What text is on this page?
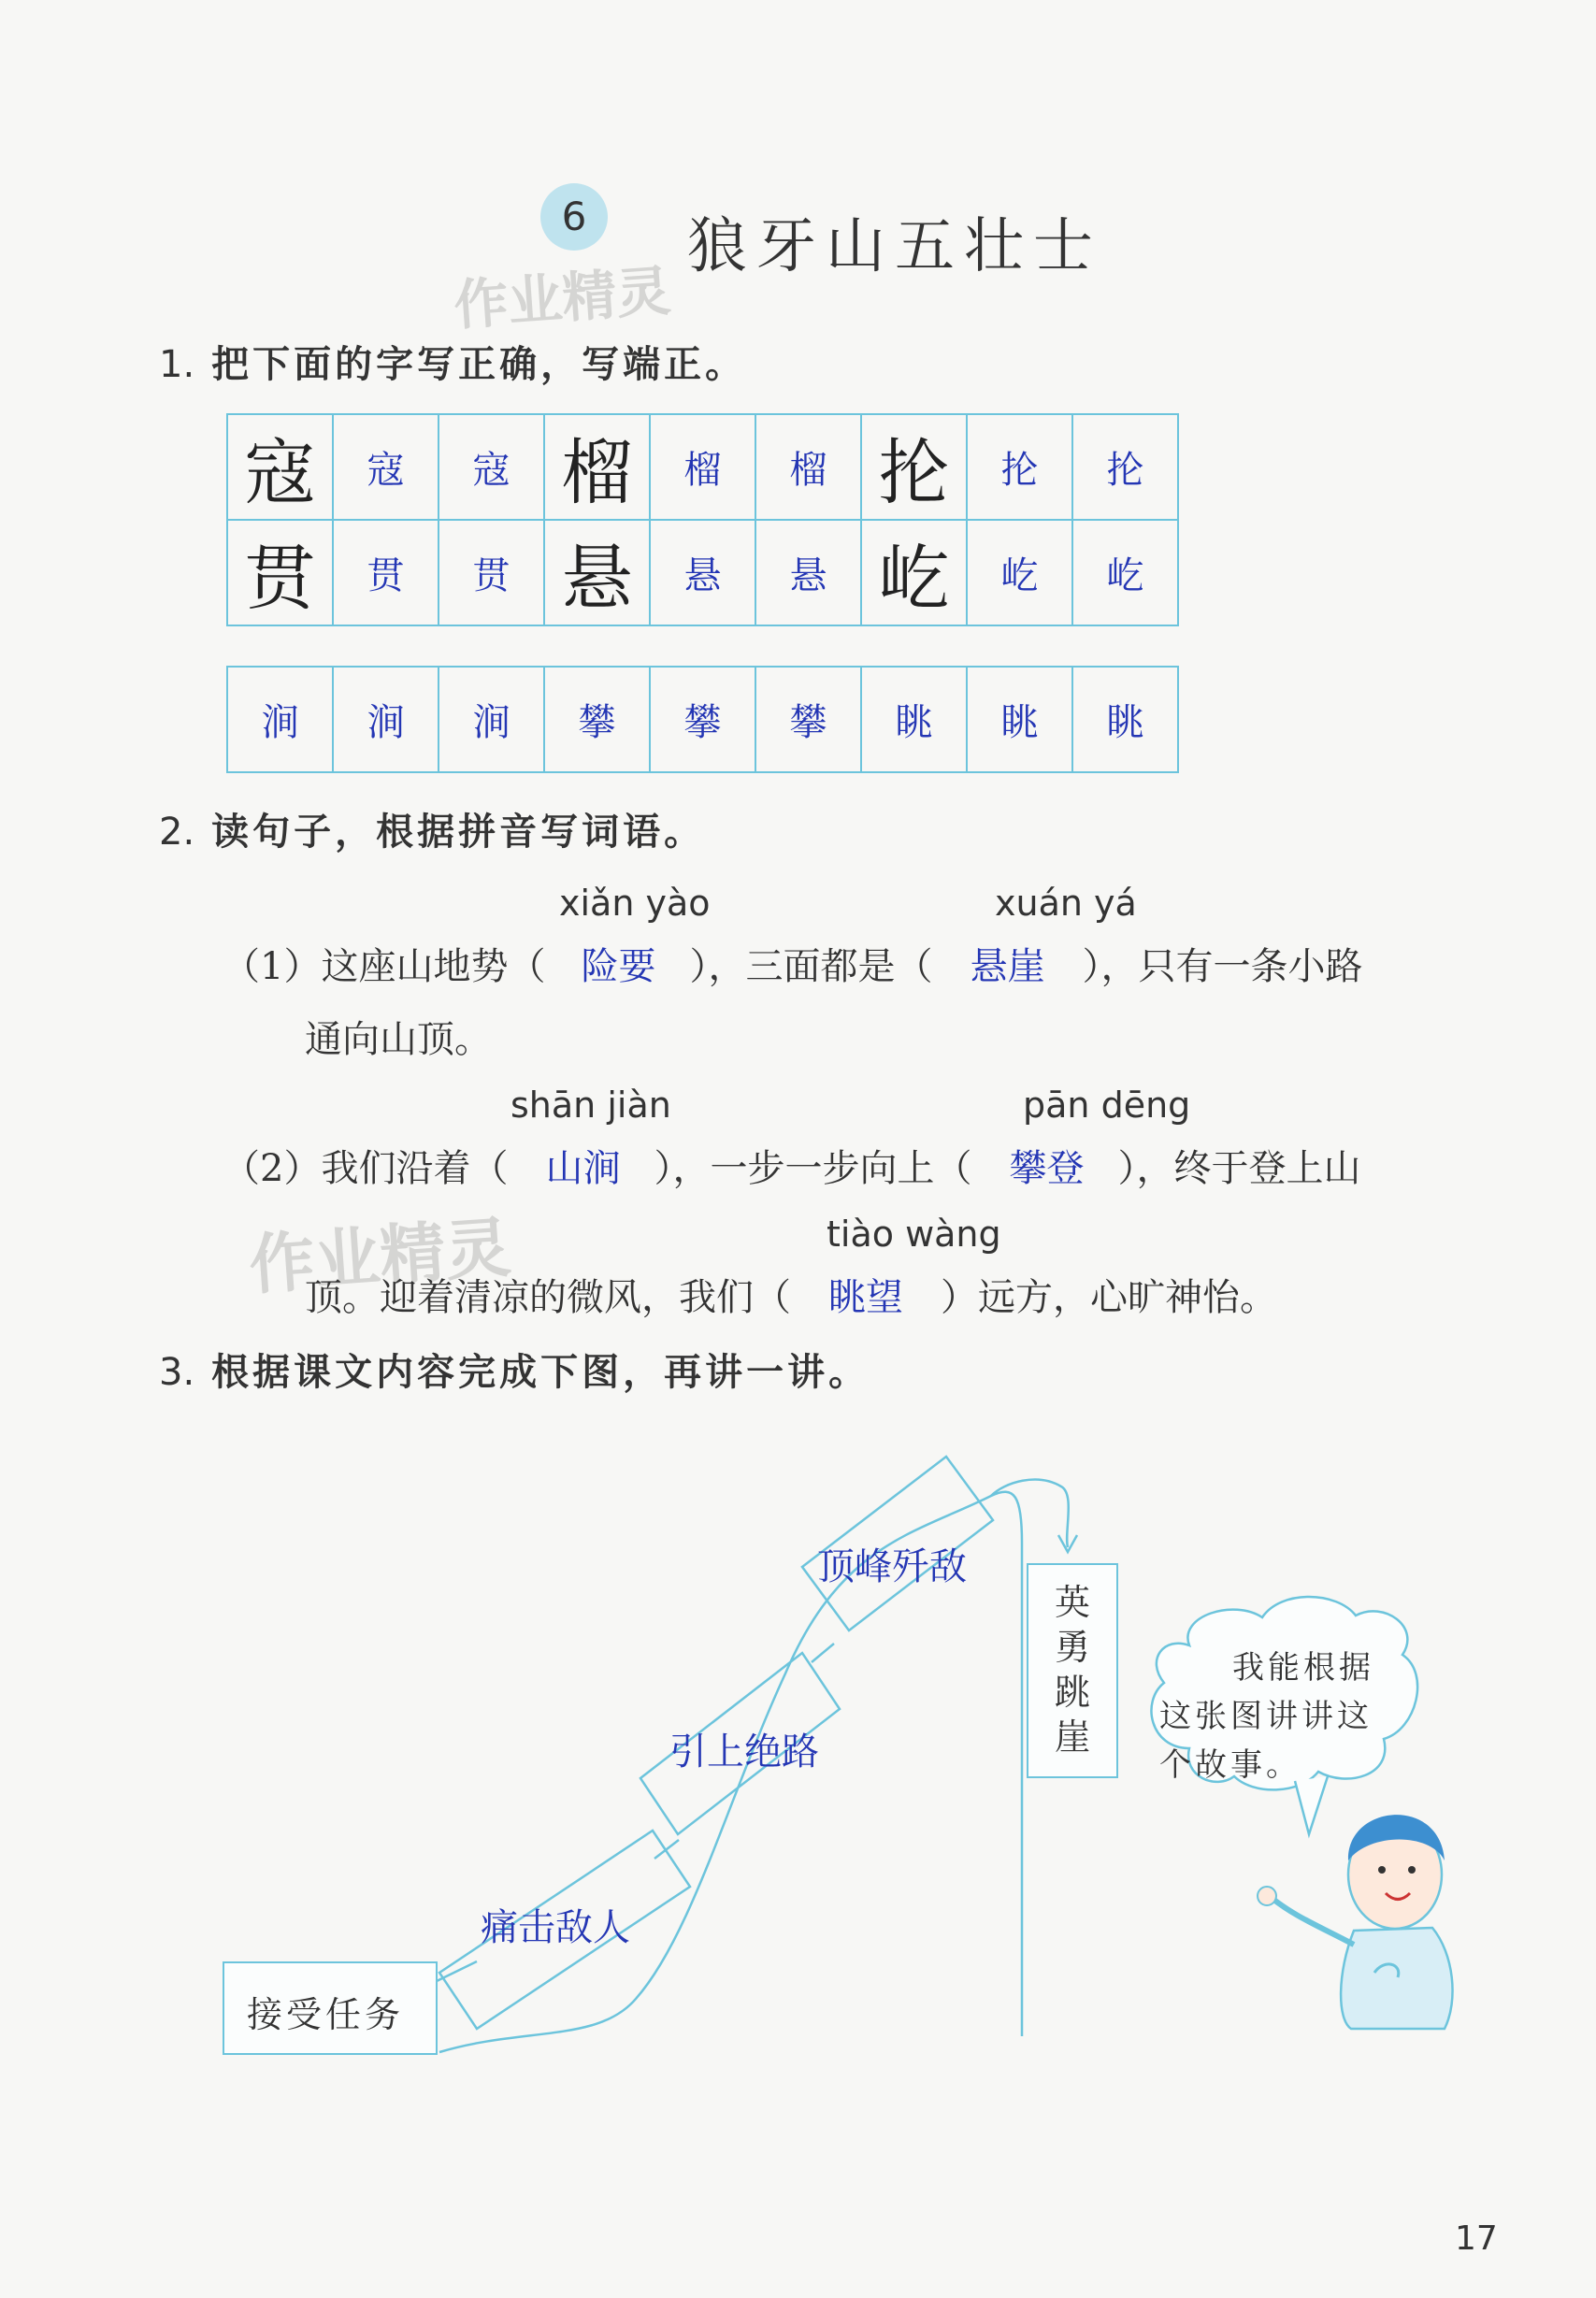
6	狼牙山五壮士
作业精灵
1. 把下面的字写正确，写端正。
寇	寇	寇	榴	榴	榴	抡	抡	抡
贯	贯	贯	悬	悬	悬	屹	屹	屹
涧	涧	涧	攀	攀	攀	眺	眺	眺
2. 读句子，根据拼音写词语。
xiǎn yào	xuán yá
（1）这座山地势（ 险要 ），三面都是（ 悬崖 ），只有一条小路
通向山顶。
shān jiàn	pān dēng
（2）我们沿着（ 山涧 ），一步一步向上（ 攀登 ），终于登上山
作业精灵	tiào wàng
顶。迎着清凉的微风，我们（ 眺望 ）远方，心旷神怡。
3. 根据课文内容完成下图，再讲一讲。
接受任务
痛击敌人
引上绝路
顶峰歼敌
英勇跳崖
我能根据
这张图讲讲这
个故事。
17
